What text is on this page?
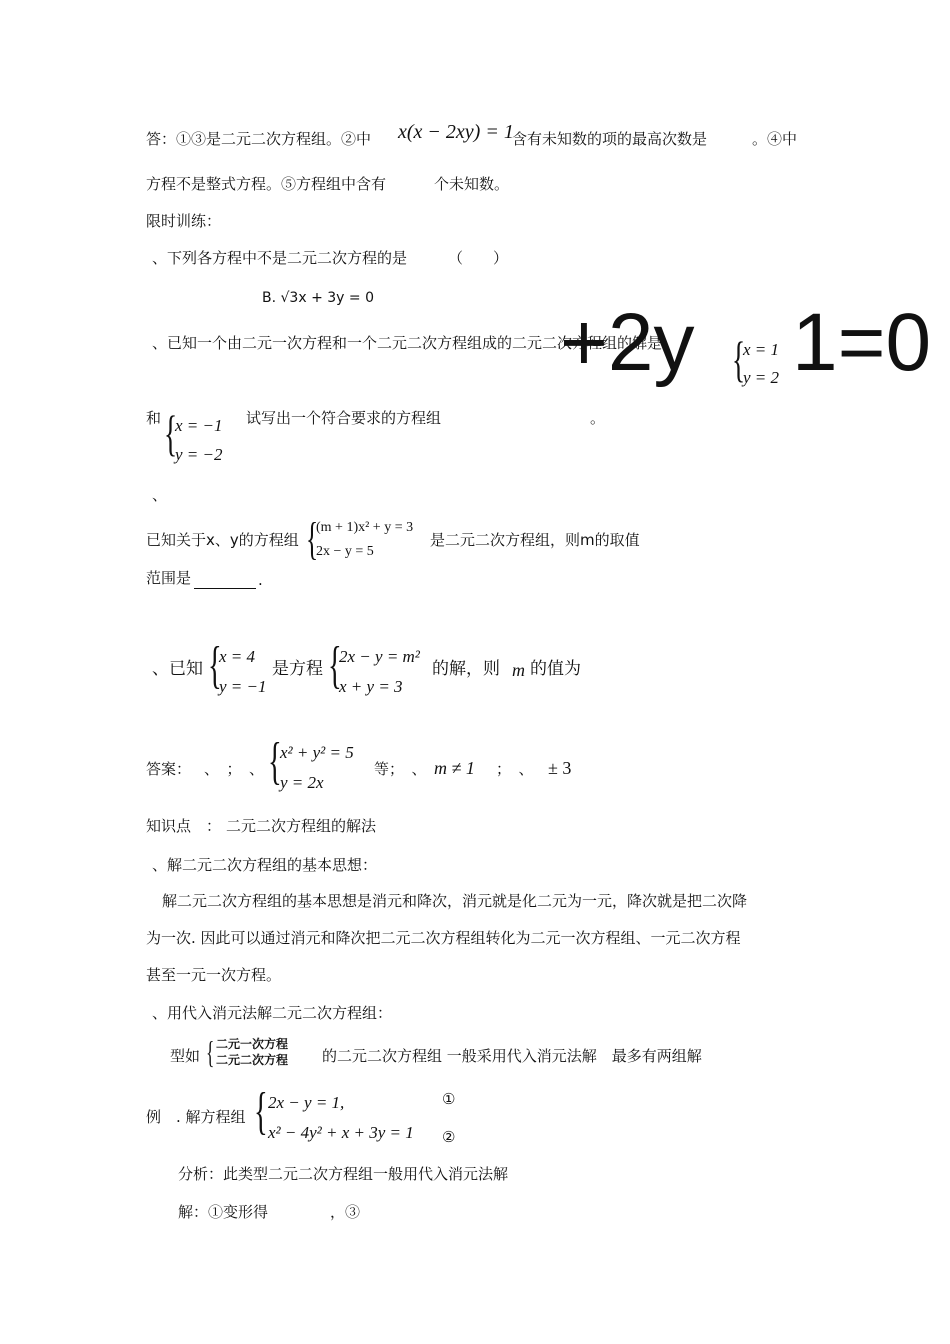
答：①③是二元二次方程组。②中 x(x − 2xy) = 1
含有未知数的项的最高次数是	。④中
方程不是整式方程。⑤方程组中含有	个未知数。
限时训练：
、下列各方程中不是二元二次方程的是	（　　）
B. √3x + 3y = 0
、已知一个由二元一次方程和一个二元二次方程组成的二元二次方程组的解是
+2y {
x = 1
y = 2 1=0
和 {
x = −1
y = −2
试写出一个符合要求的方程组	。
、
已知关于x、y的方程组 {
(m + 1)x² + y = 3
2x − y = 5
是二元二次方程组，则m的取值
范围是	.
、已知 {
x = 4
y = −1
是方程 {
2x − y = m²
x + y = 3
的解，则 m 的值为
答案： 、　；　、 {
x² + y² = 5
y = 2x
等；　、 m ≠ 1 ；　、 ± 3
知识点　： 二元二次方程组的解法
、解二元二次方程组的基本思想：
解二元二次方程组的基本思想是消元和降次，消元就是化二元为一元，降次就是把二次降
为一次. 因此可以通过消元和降次把二元二次方程组转化为二元一次方程组、一元二次方程
甚至一元一次方程。
、用代入消元法解二元二次方程组：
型如 { 二元一次方程
二元二次方程 的二元二次方程组 一般采用代入消元法解　最多有两组解
例　. 解方程组 { 2x − y = 1,
x² − 4y² + x + 3y = 1
①
②
分析：此类型二元二次方程组一般用代入消元法解
解：①变形得	，③
